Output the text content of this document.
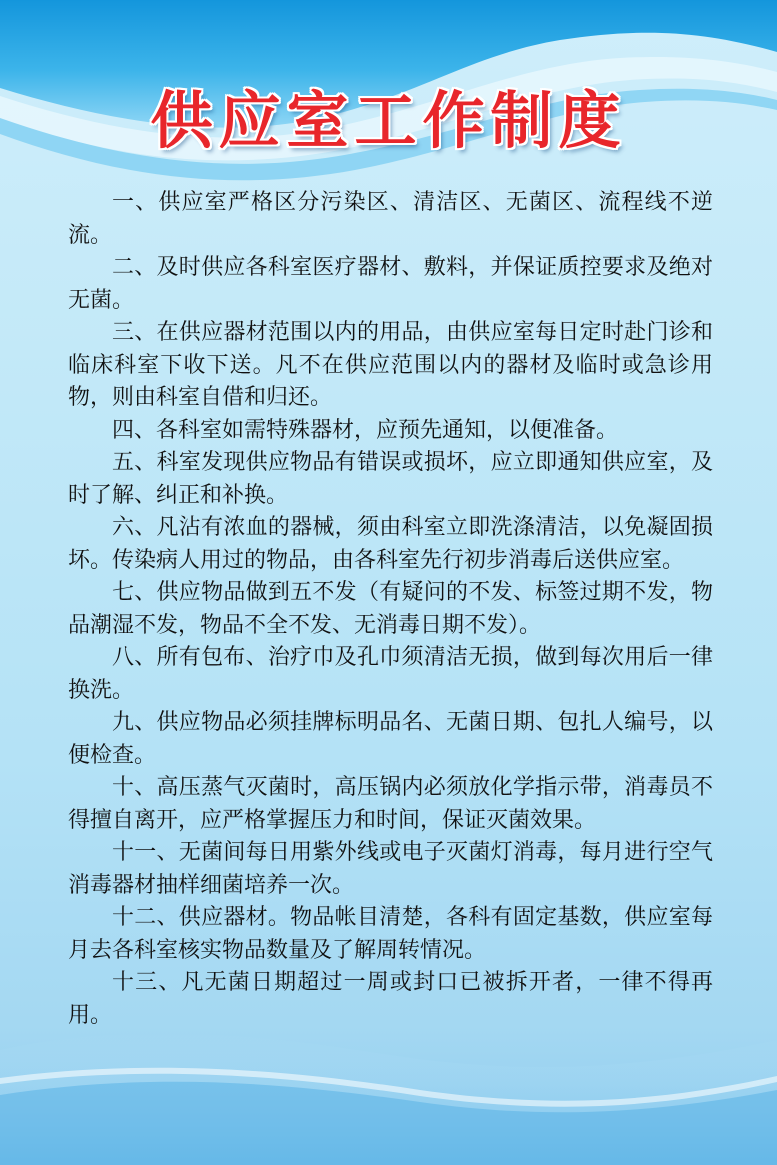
供应室工作制度
一、供应室严格区分污染区、清洁区、无菌区、流程线不逆流。
二、及时供应各科室医疗器材、敷料，并保证质控要求及绝对无菌。
三、在供应器材范围以内的用品，由供应室每日定时赴门诊和临床科室下收下送。凡不在供应范围以内的器材及临时或急诊用物，则由科室自借和归还。
四、各科室如需特殊器材，应预先通知，以便准备。
五、科室发现供应物品有错误或损坏，应立即通知供应室，及时了解、纠正和补换。
六、凡沾有浓血的器械，须由科室立即洗涤清洁，以免凝固损坏。传染病人用过的物品，由各科室先行初步消毒后送供应室。
七、供应物品做到五不发（有疑问的不发、标签过期不发，物品潮湿不发，物品不全不发、无消毒日期不发）。
八、所有包布、治疗巾及孔巾须清洁无损，做到每次用后一律换洗。
九、供应物品必须挂牌标明品名、无菌日期、包扎人编号，以便检查。
十、高压蒸气灭菌时，高压锅内必须放化学指示带，消毒员不得擅自离开，应严格掌握压力和时间，保证灭菌效果。
十一、无菌间每日用紫外线或电子灭菌灯消毒，每月进行空气消毒器材抽样细菌培养一次。
十二、供应器材。物品帐目清楚，各科有固定基数，供应室每月去各科室核实物品数量及了解周转情况。
十三、凡无菌日期超过一周或封口已被拆开者，一律不得再用。
